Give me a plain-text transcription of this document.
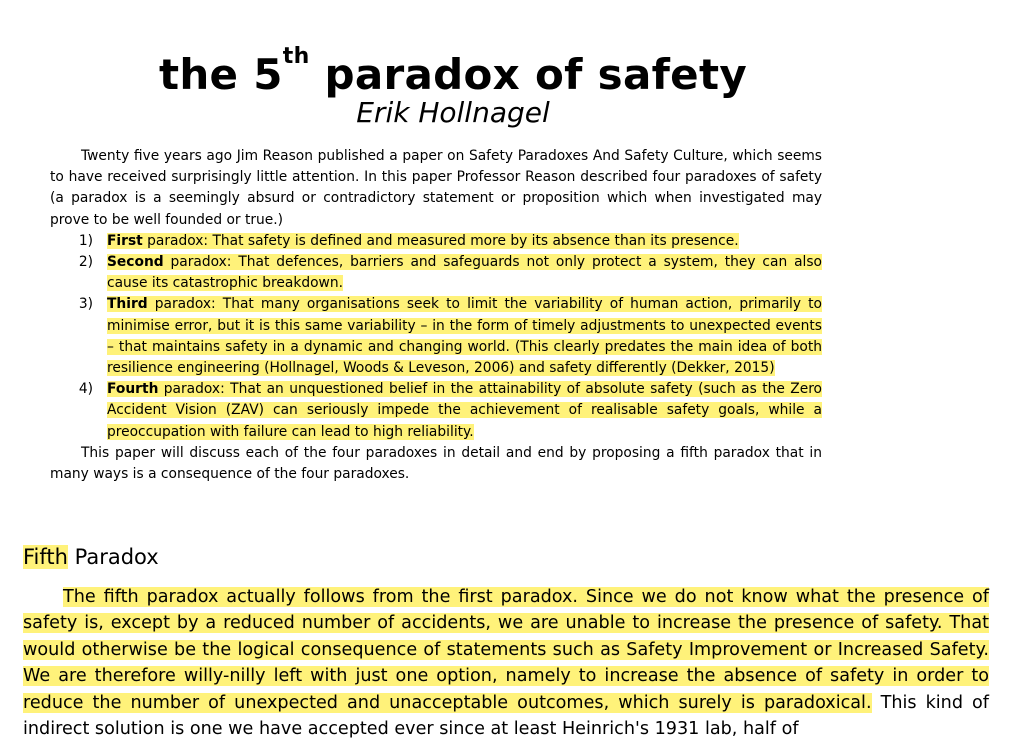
the 5th paradox of safety
Erik Hollnagel

Twenty five years ago Jim Reason published a paper on Safety Paradoxes And Safety Culture, which seems to have received surprisingly little attention. In this paper Professor Reason described four paradoxes of safety (a paradox is a seemingly absurd or contradictory statement or proposition which when investigated may prove to be well founded or true.)

1)	First paradox: That safety is defined and measured more by its absence than its presence.
2)	Second paradox: That defences, barriers and safeguards not only protect a system, they can also cause its catastrophic breakdown.
3)	Third paradox: That many organisations seek to limit the variability of human action, primarily to minimise error, but it is this same variability – in the form of timely adjustments to unexpected events – that maintains safety in a dynamic and changing world. (This clearly predates the main idea of both resilience engineering (Hollnagel, Woods & Leveson, 2006) and safety differently (Dekker, 2015)
4)	Fourth paradox: That an unquestioned belief in the attainability of absolute safety (such as the Zero Accident Vision (ZAV) can seriously impede the achievement of realisable safety goals, while a preoccupation with failure can lead to high reliability.

This paper will discuss each of the four paradoxes in detail and end by proposing a fifth paradox that in many ways is a consequence of the four paradoxes.

Fifth Paradox

The fifth paradox actually follows from the first paradox. Since we do not know what the presence of safety is, except by a reduced number of accidents, we are unable to increase the presence of safety. That would otherwise be the logical consequence of statements such as Safety Improvement or Increased Safety. We are therefore willy-nilly left with just one option, namely to increase the absence of safety in order to reduce the number of unexpected and unacceptable outcomes, which surely is paradoxical. This kind of indirect solution is one we have accepted ever since at least Heinrich's 1931 lab, half of
